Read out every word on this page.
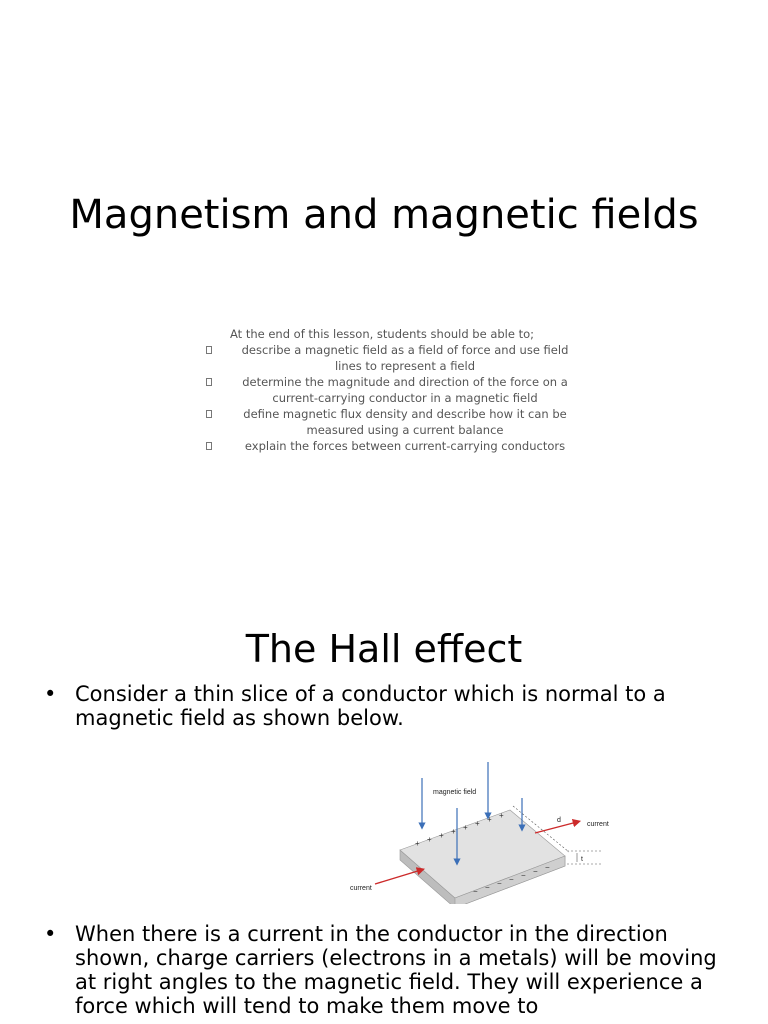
Magnetism and magnetic fields
At the end of this lesson, students should be able to;
describe a magnetic field as a field of force and use field lines to represent a field
determine the magnitude and direction of the force on a current-carrying conductor in a magnetic field
define magnetic flux density and describe how it can be measured using a current balance
explain the forces between current-carrying conductors
The Hall effect
• Consider a thin slice of a conductor which is normal to a magnetic field as shown below.
+ + + + + + + +
− − − − − − −
magnetic field
current
current
d
t
• When there is a current in the conductor in the direction shown, charge carriers (electrons in a metals) will be moving at right angles to the magnetic field. They will experience a force which will tend to make them move to
